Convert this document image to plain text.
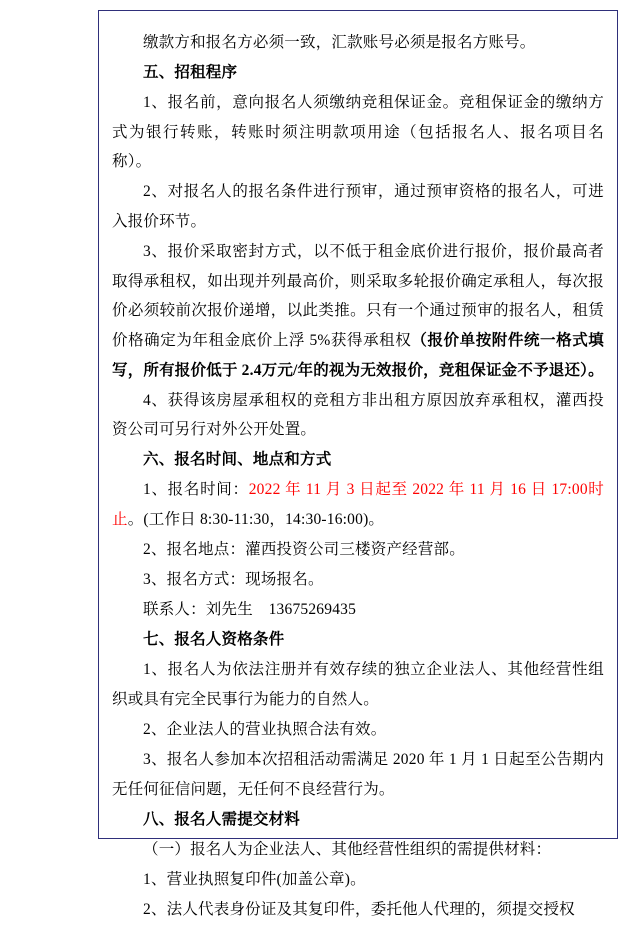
缴款方和报名方必须一致，汇款账号必须是报名方账号。

五、招租程序

1、报名前，意向报名人须缴纳竞租保证金。竞租保证金的缴纳方式为银行转账，转账时须注明款项用途（包括报名人、报名项目名称）。

2、对报名人的报名条件进行预审，通过预审资格的报名人，可进入报价环节。

3、报价采取密封方式，以不低于租金底价进行报价，报价最高者取得承租权，如出现并列最高价，则采取多轮报价确定承租人，每次报价必须较前次报价递增，以此类推。只有一个通过预审的报名人，租赁价格确定为年租金底价上浮 5%获得承租权（报价单按附件统一格式填写，所有报价低于 2.4万元/年的视为无效报价，竞租保证金不予退还）。

4、获得该房屋承租权的竞租方非出租方原因放弃承租权，灌西投资公司可另行对外公开处置。

六、报名时间、地点和方式

1、报名时间：2022 年 11 月 3 日起至 2022 年 11 月 16 日 17:00时止。(工作日 8:30-11:30，14:30-16:00)。

2、报名地点：灌西投资公司三楼资产经营部。

3、报名方式：现场报名。

联系人：刘先生　13675269435

七、报名人资格条件

1、报名人为依法注册并有效存续的独立企业法人、其他经营性组织或具有完全民事行为能力的自然人。

2、企业法人的营业执照合法有效。

3、报名人参加本次招租活动需满足 2020 年 1 月 1 日起至公告期内无任何征信问题，无任何不良经营行为。

八、报名人需提交材料

（一）报名人为企业法人、其他经营性组织的需提供材料：

1、营业执照复印件(加盖公章)。

2、法人代表身份证及其复印件，委托他人代理的，须提交授权
